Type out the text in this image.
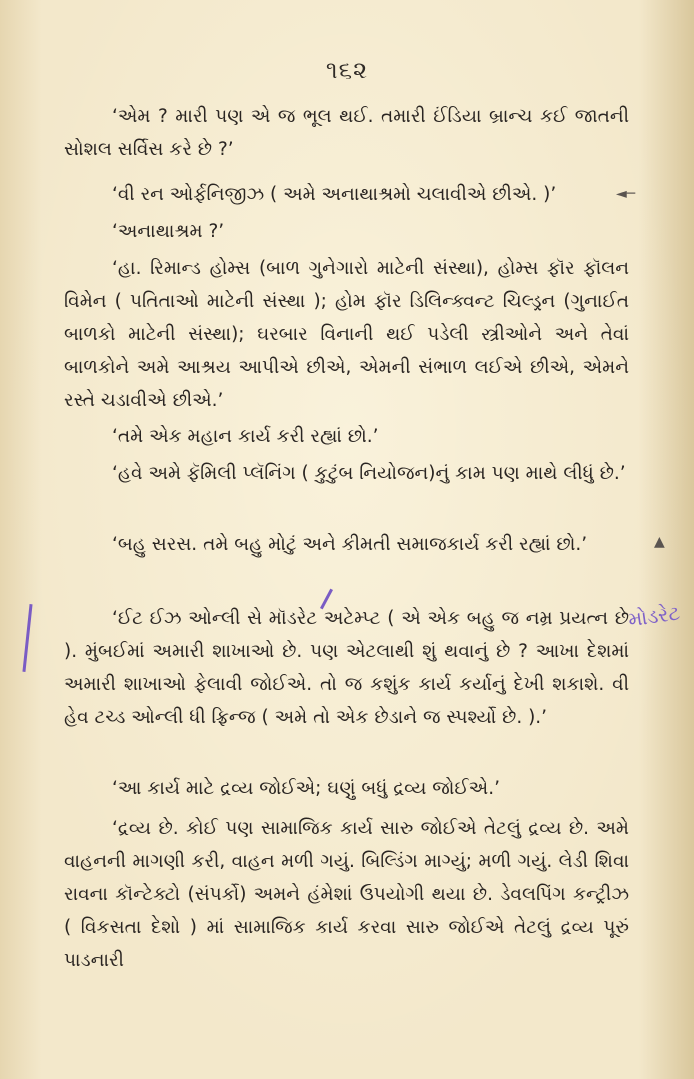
૧૬૨

‘એમ ? મારી પણ એ જ ભૂલ થઈ. તમારી ઈંડિયા બ્રાન્ચ કઈ જાતની સોશલ સર્વિસ કરે છે ?’

‘વી રન ઓર્ફનિજીઝ ( અમે અનાથાશ્રમો ચલાવીએ છીએ. )’

‘અનાથાશ્રમ ?’

‘હા. રિમાન્ડ હોમ્સ (બાળ ગુનેગારો માટેની સંસ્થા), હોમ્સ ફૉર ફૉલન વિમેન ( પતિતાઓ માટેની સંસ્થા ); હોમ ફૉર ડિલિન્ક્વન્ટ ચિલ્ડ્રન (ગુનાઈત બાળકો માટેની સંસ્થા); ઘરબાર વિનાની થઈ પડેલી સ્ત્રીઓને અને તેવાં બાળકોને અમે આશ્રય આપીએ છીએ, એમની સંભાળ લઈએ છીએ, એમને રસ્તે ચડાવીએ છીએ.’

‘તમે એક મહાન કાર્ય કરી રહ્યાં છો.’

‘હવે અમે ફૅમિલી પ્લૅનિંગ ( કુટુંબ નિયોજન)નું કામ પણ માથે લીધું છે.’

‘બહુ સરસ. તમે બહુ મોટું અને કીમતી સમાજકાર્ય કરી રહ્યાં છો.’

‘ઈટ ઈઝ ઓન્લી સે મૉડરેટ અટેમ્પ્ટ ( એ એક બહુ જ નમ્ર પ્રયત્ન છે ). મુંબઈમાં અમારી શાખાઓ છે. પણ એટલાથી શું થવાનું છે ? આખા દેશમાં અમારી શાખાઓ ફેલાવી જોઈએ. તો જ કશુંક કાર્ય કર્યાનું દેખી શકાશે. વી હેવ ટચ્ડ ઓન્લી ધી ફ્રિન્જ ( અમે તો એક છેડાને જ સ્પર્શ્યો છે. ).’

‘આ કાર્ય માટે દ્રવ્ય જોઈએ; ઘણું બધું દ્રવ્ય જોઈએ.’

‘દ્રવ્ય છે. કોઈ પણ સામાજિક કાર્ય સારુ જોઈએ તેટલું દ્રવ્ય છે. અમે વાહનની માગણી કરી, વાહન મળી ગયું. બિલ્ડિંગ માગ્યું; મળી ગયું. લેડી શિવા રાવના કૉન્ટેક્ટો (સંપર્કો) અમને હંમેશાં ઉપયોગી થયા છે. ડેવલપિંગ કન્ટ્રીઝ ( વિકસતા દેશો ) માં સામાજિક કાર્ય કરવા સારુ જોઈએ તેટલું દ્રવ્ય પૂરું પાડનારી

મોડરેટ
◄─
▲
